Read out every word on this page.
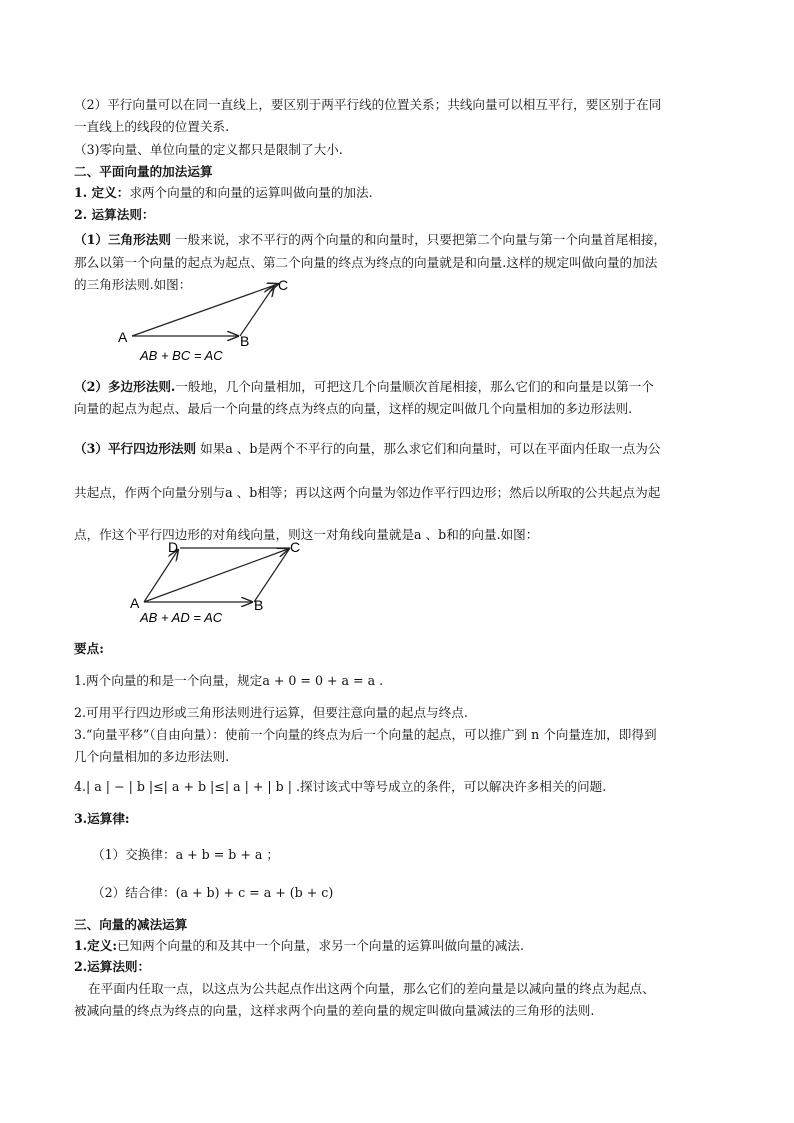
（2）平行向量可以在同一直线上，要区别于两平行线的位置关系；共线向量可以相互平行，要区别于在同
一直线上的线段的位置关系.
（3)零向量、单位向量的定义都只是限制了大小.
二、平面向量的加法运算
1. 定义：求两个向量的和向量的运算叫做向量的加法.
2. 运算法则：
（1）三角形法则 一般来说，求不平行的两个向量的和向量时，只要把第二个向量与第一个向量首尾相接，
那么以第一个向量的起点为起点、第二个向量的终点为终点的向量就是和向量.这样的规定叫做向量的加法
的三角形法则.如图：
A	B
C
AB + BC = AC
（2）多边形法则.一般地，几个向量相加，可把这几个向量顺次首尾相接，那么它们的和向量是以第一个
向量的起点为起点、最后一个向量的终点为终点的向量，这样的规定叫做几个向量相加的多边形法则.
（3）平行四边形法则 如果a 、b是两个不平行的向量，那么求它们和向量时，可以在平面内任取一点为公
共起点，作两个向量分别与a 、b相等；再以这两个向量为邻边作平行四边形；然后以所取的公共起点为起
点，作这个平行四边形的对角线向量，则这一对角线向量就是a 、b和的向量.如图：
A	B
C
D
AB + AD = AC
要点:
1.两个向量的和是一个向量，规定a + 0 = 0 + a = a .
2.可用平行四边形或三角形法则进行运算，但要注意向量的起点与终点.
3.“向量平移”（自由向量）：使前一个向量的终点为后一个向量的起点，可以推广到 n 个向量连加，即得到
几个向量相加的多边形法则.
4.| a | − | b |≤| a + b |≤| a | + | b | .探讨该式中等号成立的条件，可以解决许多相关的问题.
3.运算律:
（1）交换律：a + b = b + a ；
（2）结合律：(a + b) + c = a + (b + c)
三、向量的减法运算
1.定义:已知两个向量的和及其中一个向量，求另一个向量的运算叫做向量的减法.
2.运算法则：
在平面内任取一点，以这点为公共起点作出这两个向量，那么它们的差向量是以减向量的终点为起点、
被减向量的终点为终点的向量，这样求两个向量的差向量的规定叫做向量减法的三角形的法则.
